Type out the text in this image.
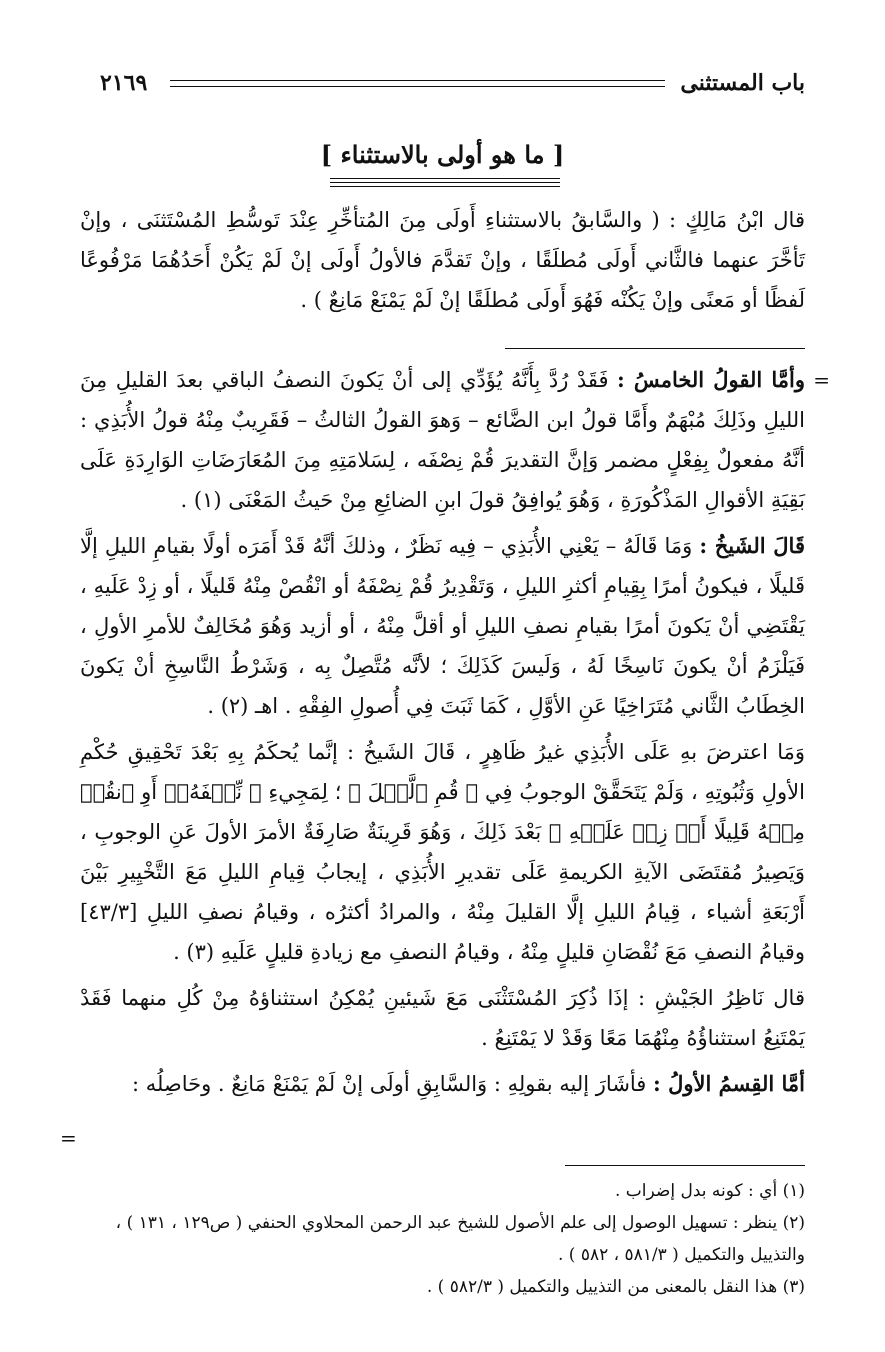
باب المستثنى
٢١٦٩
[ ما هو أولى بالاستثناء ]

قال ابْنُ مَالِكٍ : ( والسَّابقُ بالاستثناءِ أَولَى مِنَ المُتأخِّرِ عِنْدَ تَوسُّطِ المُسْتَثنَى ، وإنْ تَأخَّرَ عنهما فالثَّاني أَولَى مُطلَقًا ، وإنْ تَقدَّمَ فالأولُ أَولَى إنْ لَمْ يَكُنْ أَحَدُهُمَا مَرْفُوعًا لَفظًا أو مَعنًى وإنْ يَكُنْه فَهُوَ أَولَى مُطلَقًا إنْ لَمْ يَمْنَعْ مَانِعٌ ) .

=

وأمَّا القولُ الخامسُ : فَقَدْ رُدَّ بِأَنَّهُ يُؤَدِّي إلى أنْ يَكونَ النصفُ الباقي بعدَ القليلِ مِنَ الليلِ وذَلِكَ مُبْهَمٌ وأَمَّا قولُ ابن الضَّائع – وَهوَ القولُ الثالثُ – فَقَرِيبٌ مِنْهُ قولُ الأُبَذِي : أنَّهُ مفعولٌ بِفِعْلٍ مضمر وَإنَّ التقديرَ قُمْ نِصْفَه ، لِسَلامَتِهِ مِنَ المُعَارَضَاتِ الوَارِدَةِ عَلَى بَقِيَةِ الأقوالِ المَذْكُورَةِ ، وَهُوَ يُوافِقُ قولَ ابنِ الضائِعِ مِنْ حَيثُ المَعْنَى (١) .

قَالَ الشَيخُ : وَمَا قَالَهُ – يَعْنِي الأُبَذِي – فِيه نَظَرٌ ، وذلكَ أنَّهُ قَدْ أَمَرَه أولًا بقيامِ الليلِ إلَّا قَليلًا ، فيكونُ أمرًا بِقِيامِ أكثرِ الليلِ ، وَتَقْدِيرُ قُمْ نِصْفَهُ أو انْقُصْ مِنْهُ قَليلًا ، أو زِدْ عَلَيهِ ، يَقْتَضِي أنْ يَكونَ أمرًا بقيامِ نصفِ الليلِ أو أقلَّ مِنْهُ ، أو أزيد وَهُوَ مُخَالِفٌ للأمرِ الأولِ ، فَيَلْزَمُ أنْ يكونَ نَاسِخًا لَهُ ، وَلَيسَ كَذَلِكَ ؛ لأنَّه مُتَّصِلٌ بِه ، وَشَرْطُ النَّاسِخِ أنْ يَكونَ الخِطَابُ الثَّاني مُتَرَاخِيًا عَنِ الأوَّلِ ، كَمَا ثَبَتَ فِي أُصولِ الفِقْهِ . اهـ (٢) .

وَمَا اعترضَ بهِ عَلَى الأُبَذِي غيرُ ظَاهِرٍ ، قَالَ الشَيخُ : إنَّما يُحكَمُ بِهِ بَعْدَ تَحْقِيقِ حُكْمِ الأولِ وَثُبُوتِهِ ، وَلَمْ يَتَحَقَّقْ الوجوبُ فِي ﴿ قُمِ ٱلَّيۡلَ ﴾ ؛ لِمَجِيءِ ﴿ نِّصۡفَهُۥٓ أَوِ ٱنقُصۡ مِنۡهُ قَلِيلًا أَوۡ زِدۡ عَلَيۡهِ ﴾ بَعْدَ ذَلِكَ ، وَهُوَ قَرِينَةٌ صَارِفَةٌ الأمرَ الأولَ عَنِ الوجوبِ ، وَيَصِيرُ مُقتَضَى الآيةِ الكريمةِ عَلَى تقديرِ الأُبَذِي ، إيجابُ قِيامِ الليلِ مَعَ التَّخْيِيرِ بَيْنَ أَرْبَعَةِ أشياء ، قِيامُ الليلِ إلَّا القليلَ مِنْهُ ، والمرادُ أكثرُه ، وقيامُ نصفِ الليلِ [٤٣/٣] وقيامُ النصفِ مَعَ نُقْصَانِ قليلٍ مِنْهُ ، وقيامُ النصفِ مع زيادةِ قليلٍ عَلَيهِ (٣) .

قال نَاظِرُ الجَيْشِ : إذَا ذُكِرَ المُسْتَثْنَى مَعَ شَيئينِ يُمْكِنُ استثناؤهُ مِنْ كُلِ منهما فَقَدْ يَمْتَنِعُ استثناؤُهُ مِنْهُمَا مَعًا وَقَدْ لا يَمْتَنِعُ .

أمَّا القِسمُ الأولُ : فأشَارَ إليه بقولِهِ : وَالسَّابِقِ أولَى إنْ لَمْ يَمْنَعْ مَانِعٌ . وحَاصِلُه :

=
(١) أي : كونه بدل إضراب .
(٢) ينظر : تسهيل الوصول إلى علم الأصول للشيخ عبد الرحمن المحلاوي الحنفي ( ص١٢٩ ، ١٣١ ) ، والتذييل والتكميل ( ٥٨١/٣ ، ٥٨٢ ) .
(٣) هذا النقل بالمعنى من التذييل والتكميل ( ٥٨٢/٣ ) .
